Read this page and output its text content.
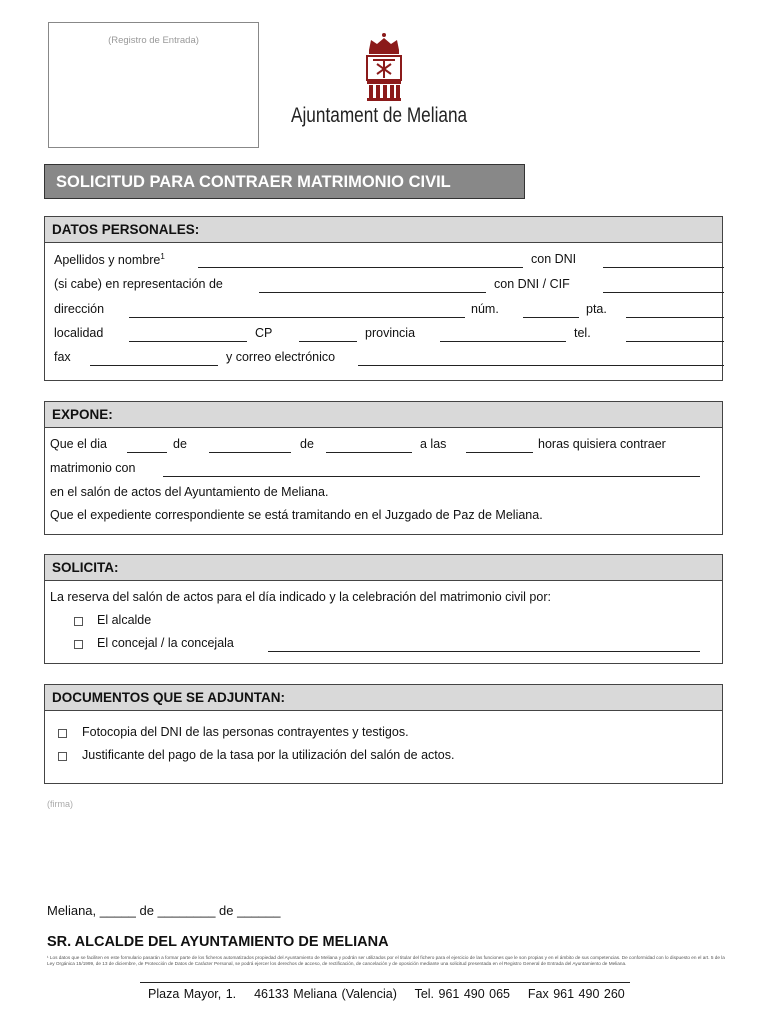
(Registro de Entrada)
Ajuntament de Meliana
SOLICITUD PARA CONTRAER MATRIMONIO CIVIL
DATOS PERSONALES:
Apellidos y nombre$^1$	con DNI
(si cabe) en representación de	con DNI / CIF
dirección	núm.	pta.
localidad	CP	provincia	tel.
fax	y correo electrónico
EXPONE:
Que el dia	de	de	a las	horas quisiera contraer
matrimonio con
en el salón de actos del Ayuntamiento de Meliana.
Que el expediente correspondiente se está tramitando en el Juzgado de Paz de Meliana.
SOLICITA:
La reserva del salón de actos para el día indicado y la celebración del matrimonio civil por:
El alcalde
El concejal / la concejala
DOCUMENTOS QUE SE ADJUNTAN:
Fotocopia del DNI de las personas contrayentes y testigos.
Justificante del pago de la tasa por la utilización del salón de actos.
(firma)
Meliana, _____ de ________ de ______
SR. ALCALDE DEL AYUNTAMIENTO DE MELIANA
¹ Los datos que se faciliten en este formulario pasarán a formar parte de los ficheros automatizados propiedad del Ayuntamiento de Meliana y podrán ser utilizados por el titular del fichero para el ejercicio de las funciones que le son propias y en el ámbito de sus competencias. De conformidad con lo dispuesto en el art. 5 de la Ley Orgánica 15/1999, de 13 de diciembre, de Protección de Datos de Carácter Personal, se podrá ejercer los derechos de acceso, de rectificación, de cancelación y de oposición mediante una solicitud presentada en el Registro General de Entrada del Ayuntamiento de Meliana.
Plaza Mayor, 1. 46133 Meliana (Valencia) Tel. 961 490 065 Fax 961 490 260
